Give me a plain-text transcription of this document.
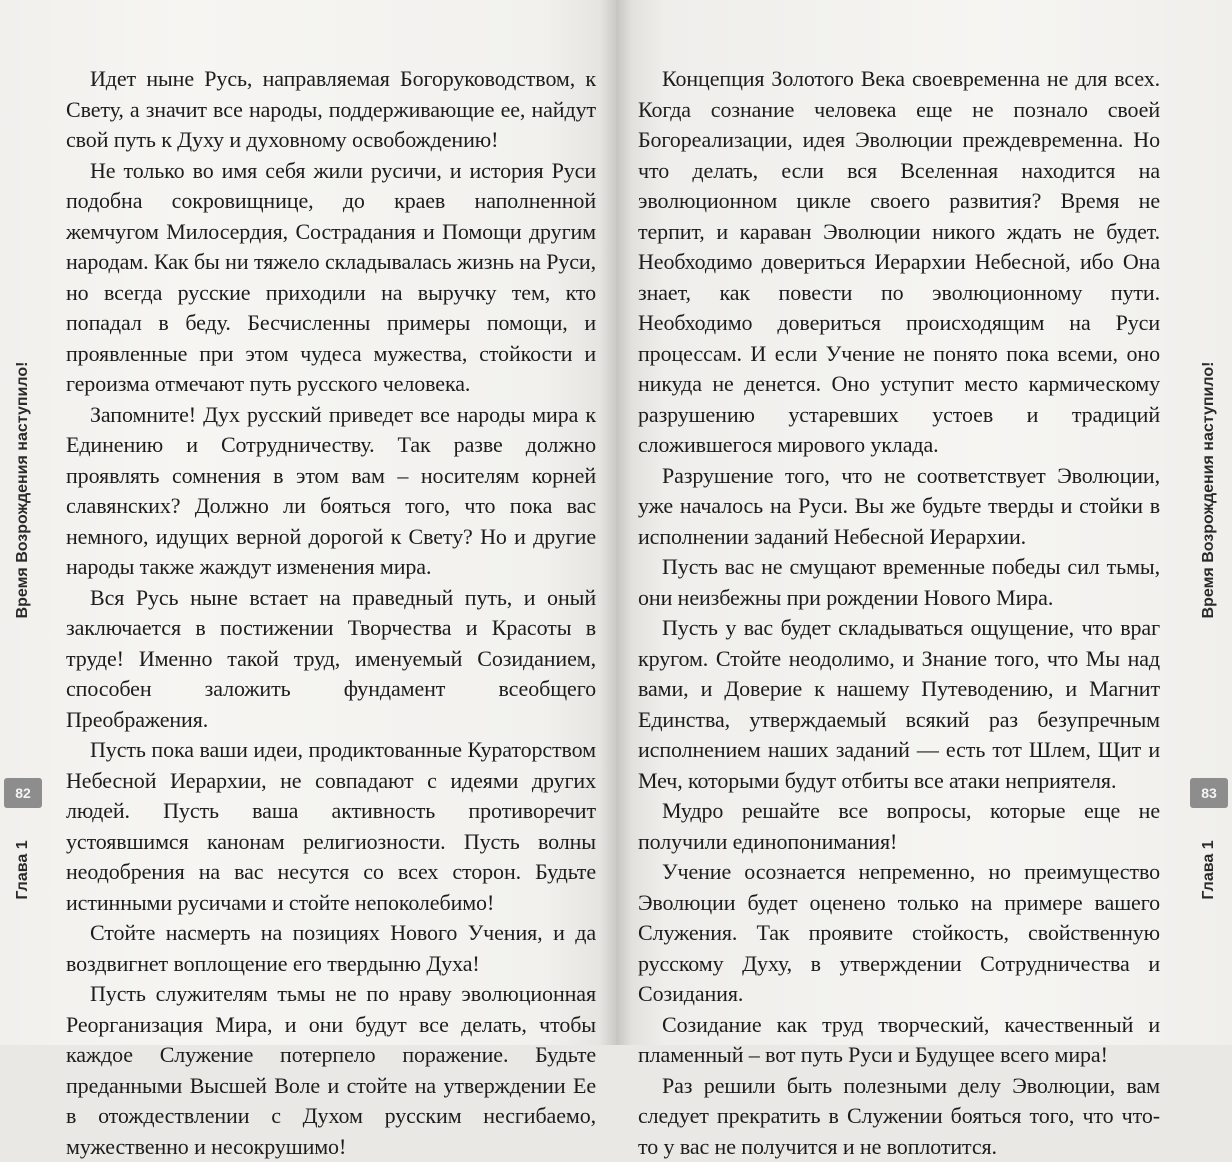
Время Возрождения наступило!
82
Глава 1

Идет ныне Русь, направляемая Богоруководством, к Свету, а значит все народы, поддерживающие ее, найдут свой путь к Духу и духовному освобождению!

Не только во имя себя жили русичи, и история Руси подобна сокровищнице, до краев наполненной жемчугом Милосердия, Сострадания и Помощи другим народам. Как бы ни тяжело складывалась жизнь на Руси, но всегда русские приходили на выручку тем, кто попадал в беду. Бесчисленны примеры помощи, и проявленные при этом чудеса мужества, стойкости и героизма отмечают путь русского человека.

Запомните! Дух русский приведет все народы мира к Единению и Сотрудничеству. Так разве должно проявлять сомнения в этом вам – носителям корней славянских? Должно ли бояться того, что пока вас немного, идущих верной дорогой к Свету? Но и другие народы также жаждут изменения мира.

Вся Русь ныне встает на праведный путь, и оный заключается в постижении Творчества и Красоты в труде! Именно такой труд, именуемый Созиданием, способен заложить фундамент всеобщего Преображения.

Пусть пока ваши идеи, продиктованные Кураторством Небесной Иерархии, не совпадают с идеями других людей. Пусть ваша активность противоречит устоявшимся канонам религиозности. Пусть волны неодобрения на вас несутся со всех сторон. Будьте истинными русичами и стойте непоколебимо!

Стойте насмерть на позициях Нового Учения, и да воздвигнет воплощение его твердыню Духа!

Пусть служителям тьмы не по нраву эволюционная Реорганизация Мира, и они будут все делать, чтобы каждое Служение потерпело поражение. Будьте преданными Высшей Воле и стойте на утверждении Ее в отождествлении с Духом русским несгибаемо, мужественно и несокрушимо!

Концепция Золотого Века своевременна не для всех. Когда сознание человека еще не познало своей Богореализации, идея Эволюции преждевременна. Но что делать, если вся Вселенная находится на эволюционном цикле своего развития? Время не терпит, и караван Эволюции никого ждать не будет. Необходимо довериться Иерархии Небесной, ибо Она знает, как повести по эволюционному пути. Необходимо довериться происходящим на Руси процессам. И если Учение не понято пока всеми, оно никуда не денется. Оно уступит место кармическому разрушению устаревших устоев и традиций сложившегося мирового уклада.

Разрушение того, что не соответствует Эволюции, уже началось на Руси. Вы же будьте тверды и стойки в исполнении заданий Небесной Иерархии.

Пусть вас не смущают временные победы сил тьмы, они неизбежны при рождении Нового Мира.

Пусть у вас будет складываться ощущение, что враг кругом. Стойте неодолимо, и Знание того, что Мы над вами, и Доверие к нашему Путеводению, и Магнит Единства, утверждаемый всякий раз безупречным исполнением наших заданий — есть тот Шлем, Щит и Меч, которыми будут отбиты все атаки неприятеля.

Мудро решайте все вопросы, которые еще не получили единопонимания!

Учение осознается непременно, но преимущество Эволюции будет оценено только на примере вашего Служения. Так проявите стойкость, свойственную русскому Духу, в утверждении Сотрудничества и Созидания.

Созидание как труд творческий, качественный и пламенный – вот путь Руси и Будущее всего мира!

Раз решили быть полезными делу Эволюции, вам следует прекратить в Служении бояться того, что что-то у вас не получится и не воплотится.

Время Возрождения наступило!
83
Глава 1
